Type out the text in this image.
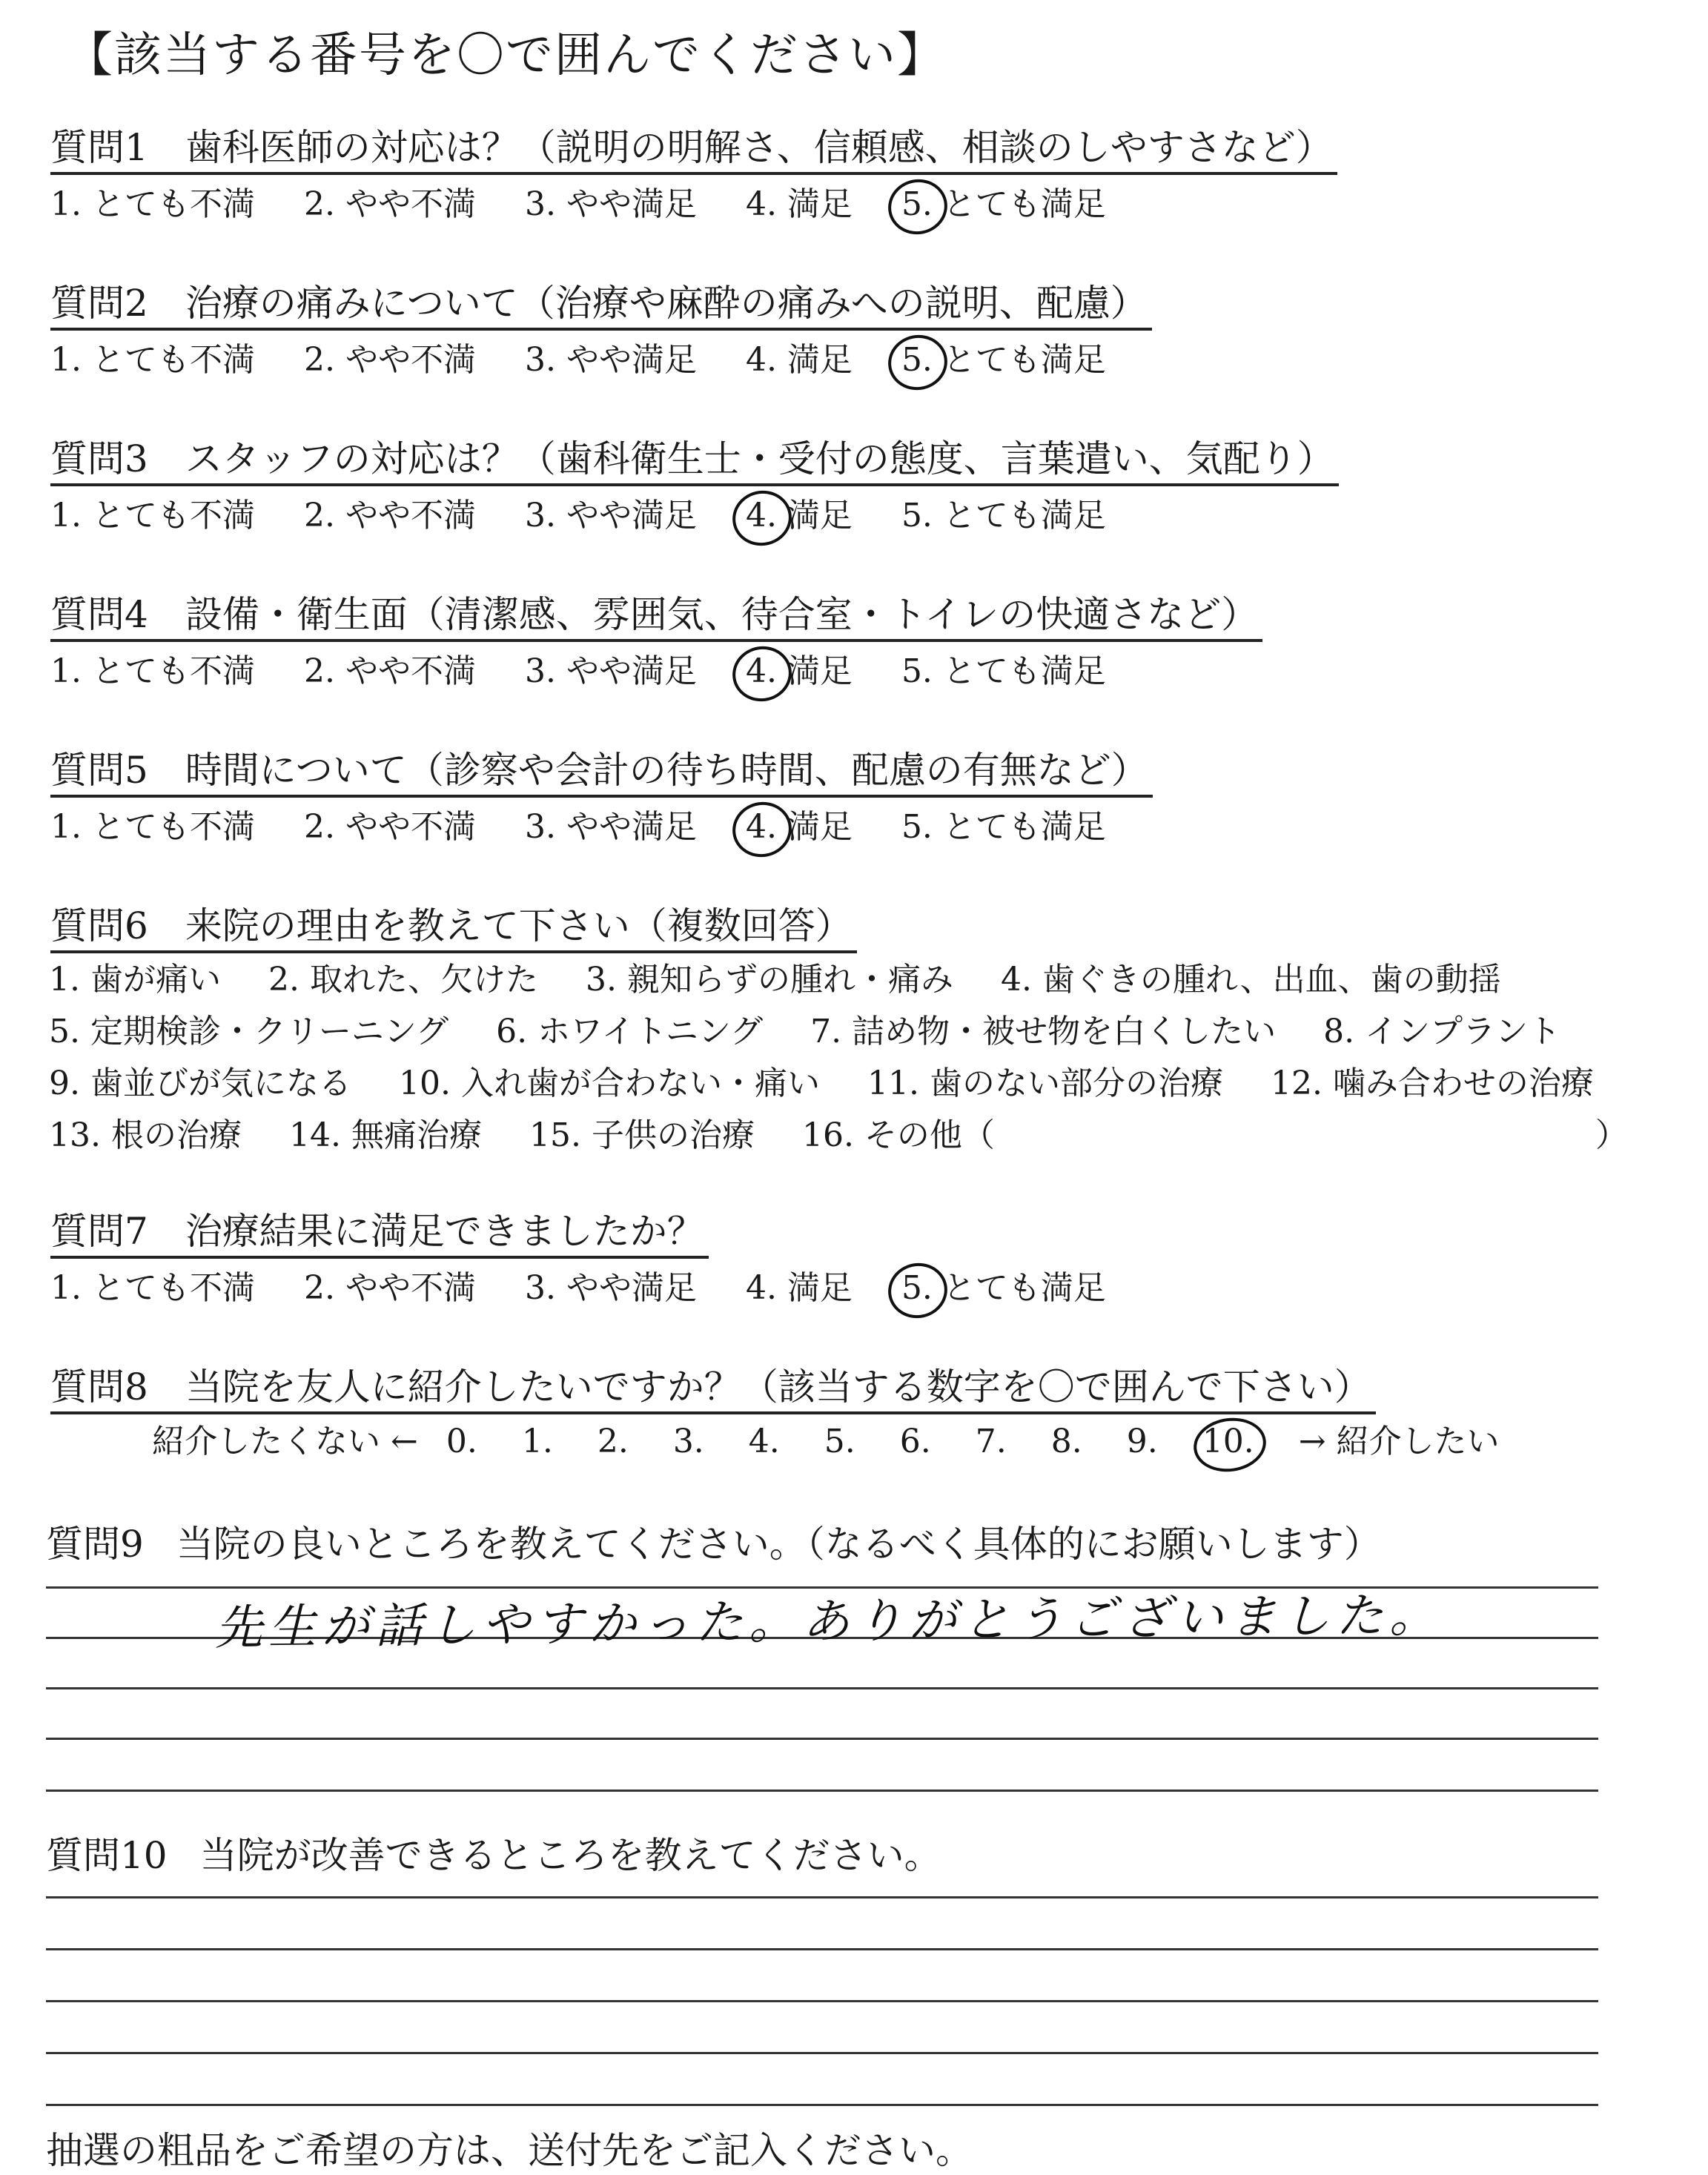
【該当する番号を〇で囲んでください】
質問1 歯科医師の対応は？（説明の明解さ、信頼感、相談のしやすさなど）
1. とても不満 2. やや不満 3. やや満足 4. 満足 5. とても満足
質問2 治療の痛みについて（治療や麻酔の痛みへの説明、配慮）
1. とても不満 2. やや不満 3. やや満足 4. 満足 5. とても満足
質問3 スタッフの対応は？（歯科衛生士・受付の態度、言葉遣い、気配り）
1. とても不満 2. やや不満 3. やや満足 4. 満足 5. とても満足
質問4 設備・衛生面（清潔感、雰囲気、待合室・トイレの快適さなど）
1. とても不満 2. やや不満 3. やや満足 4. 満足 5. とても満足
質問5 時間について（診察や会計の待ち時間、配慮の有無など）
1. とても不満 2. やや不満 3. やや満足 4. 満足 5. とても満足
質問6 来院の理由を教えて下さい（複数回答）
1. 歯が痛い 2. 取れた、欠けた 3. 親知らずの腫れ・痛み 4. 歯ぐきの腫れ、出血、歯の動揺
5. 定期検診・クリーニング 6. ホワイトニング 7. 詰め物・被せ物を白くしたい 8. インプラント
9. 歯並びが気になる 10. 入れ歯が合わない・痛い 11. 歯のない部分の治療 12. 噛み合わせの治療
13. 根の治療 14. 無痛治療 15. 子供の治療 16. その他（	）
質問7 治療結果に満足できましたか？
1. とても不満 2. やや不満 3. やや満足 4. 満足 5. とても満足
質問8 当院を友人に紹介したいですか？（該当する数字を〇で囲んで下さい）
紹介したくない ← 0. 1. 2. 3. 4. 5. 6. 7. 8. 9. 10. → 紹介したい
質問9 当院の良いところを教えてください。（なるべく具体的にお願いします）
先生が話しやすかった。ありがとうございました。
質問10 当院が改善できるところを教えてください。
抽選の粗品をご希望の方は、送付先をご記入ください。
